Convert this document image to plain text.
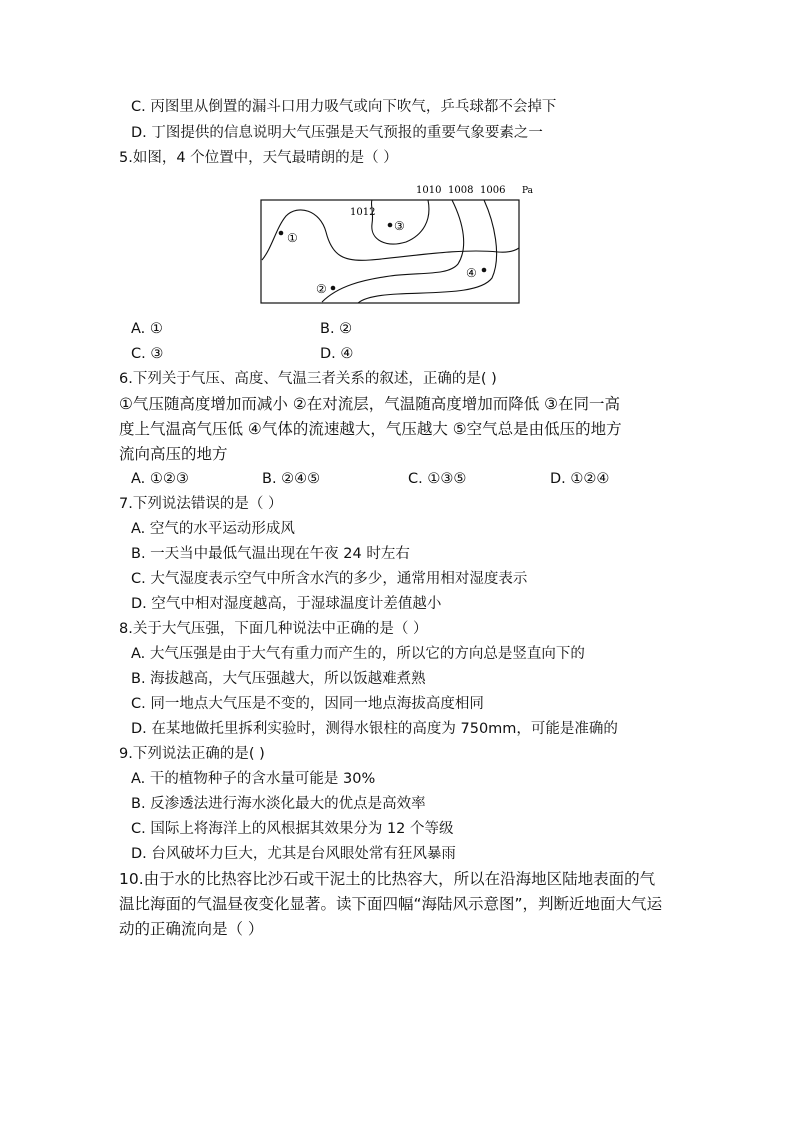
C. 丙图里从倒置的漏斗口用力吸气或向下吹气，乒乓球都不会掉下
D. 丁图提供的信息说明大气压强是天气预报的重要气象要素之一
5.如图，4 个位置中，天气最晴朗的是（ ）
1010 1008 1006 Pa
1012
①
②
③
④
A. ①	B. ②
C. ③	D. ④
6.下列关于气压、高度、气温三者关系的叙述，正确的是( )
①气压随高度增加而减小 ②在对流层，气温随高度增加而降低 ③在同一高
度上气温高气压低 ④气体的流速越大，气压越大 ⑤空气总是由低压的地方
流向高压的地方
A. ①②③	B. ②④⑤	C. ①③⑤	D. ①②④
7.下列说法错误的是（ ）
A. 空气的水平运动形成风
B. 一天当中最低气温出现在午夜 24 时左右
C. 大气湿度表示空气中所含水汽的多少，通常用相对湿度表示
D. 空气中相对湿度越高，于湿球温度计差值越小
8.关于大气压强，下面几种说法中正确的是（ ）
A. 大气压强是由于大气有重力而产生的，所以它的方向总是竖直向下的
B. 海拔越高，大气压强越大，所以饭越难煮熟
C. 同一地点大气压是不变的，因同一地点海拔高度相同
D. 在某地做托里拆利实验时，测得水银柱的高度为 750mm，可能是准确的
9.下列说法正确的是( )
A. 干的植物种子的含水量可能是 30%
B. 反渗透法进行海水淡化最大的优点是高效率
C. 国际上将海洋上的风根据其效果分为 12 个等级
D. 台风破坏力巨大，尤其是台风眼处常有狂风暴雨
10.由于水的比热容比沙石或干泥土的比热容大，所以在沿海地区陆地表面的气
温比海面的气温昼夜变化显著。读下面四幅“海陆风示意图”，判断近地面大气运
动的正确流向是（ ）
